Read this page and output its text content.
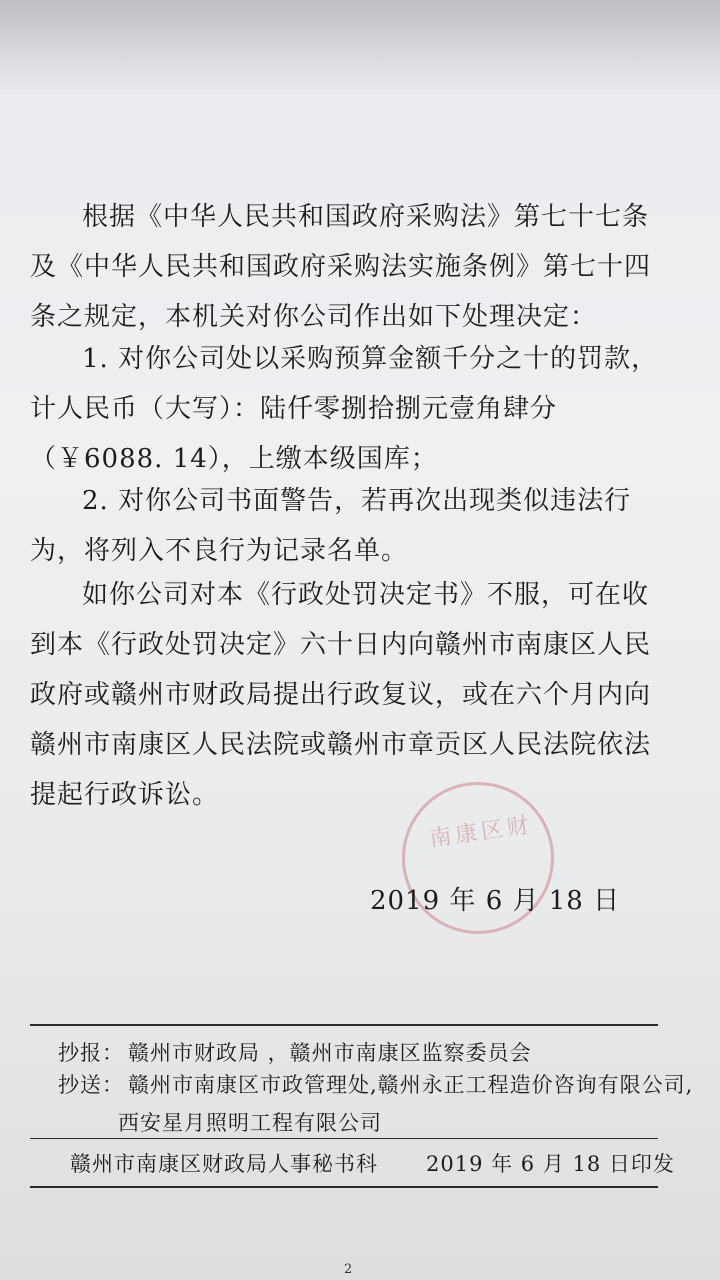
根据《中华人民共和国政府采购法》第七十七条及《中华人民共和国政府采购法实施条例》第七十四条之规定，本机关对你公司作出如下处理决定：

1. 对你公司处以采购预算金额千分之十的罚款，计人民币（大写）：陆仟零捌拾捌元壹角肆分（￥6088. 14），上缴本级国库；

2. 对你公司书面警告，若再次出现类似违法行为，将列入不良行为记录名单。

如你公司对本《行政处罚决定书》不服，可在收到本《行政处罚决定》六十日内向赣州市南康区人民政府或赣州市财政局提出行政复议，或在六个月内向赣州市南康区人民法院或赣州市章贡区人民法院依法提起行政诉讼。

南康区财
2019 年 6 月 18 日
抄报： 赣州市财政局 ，赣州市南康区监察委员会
抄送： 赣州市南康区市政管理处,赣州永正工程造价咨询有限公司,
西安星月照明工程有限公司
赣州市南康区财政局人事秘书科 2019 年 6 月 18 日印发
2
